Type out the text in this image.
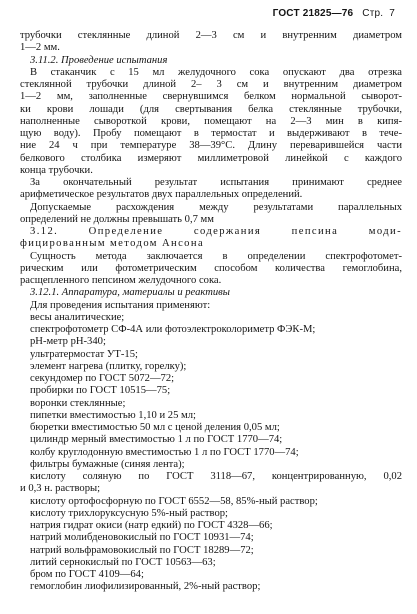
ГОСТ 21825—76 Стр. 7
трубочки стеклянные длиной 2—3 см и внутренним диаметром
1—2 мм.
3.11.2. Проведение испытания
В стаканчик с 15 мл желудочного сока опускают два отрезка
стеклянной трубочки длиной 2– 3 см и внутренним диаметром
1—2 мм, заполненные свернувшимся белком нормальной сыворот-
ки крови лошади (для свертывания белка стеклянные трубочки,
наполненные сывороткой крови, помещают на 2—3 мин в кипя-
щую воду). Пробу помещают в термостат и выдерживают в тече-
ние 24 ч при температуре 38—39°С. Длину переварившейся части
белкового столбика измеряют миллиметровой линейкой с каждого
конца трубочки.
За окончательный результат испытания принимают среднее
арифметическое результатов двух параллельных определений.
Допускаемые расхождения между результатами параллельных
определений не должны превышать 0,7 мм
3.12. Определение содержания пепсина моди-
фицированным методом Ансона
Сущность метода заключается в определении спектрофотомет-
рическим или фотометрическим способом количества гемоглобина,
расщепленного пепсином желудочного сока.
3.12.1. Аппаратура, материалы и реактивы
Для проведения испытания применяют:
весы аналитические;
спектрофотометр СФ-4А или фотоэлектроколориметр ФЭК-М;
рН-метр рН-340;
ультратермостат УТ-15;
элемент нагрева (плитку, горелку);
секундомер по ГОСТ 5072—72;
пробирки по ГОСТ 10515—75;
воронки стеклянные;
пипетки вместимостью 1,10 и 25 мл;
бюретки вместимостью 50 мл с ценой деления 0,05 мл;
цилиндр мерный вместимостью 1 л по ГОСТ 1770—74;
колбу круглодонную вместимостью 1 л по ГОСТ 1770—74;
фильтры бумажные (синяя лента);
кислоту соляную по ГОСТ 3118—67, концентрированную, 0,02
и 0,3 н. растворы;
кислоту ортофосфорную по ГОСТ 6552—58, 85%-ный раствор;
кислоту трихлоруксусную 5%-ный раствор;
натрия гидрат окиси (натр едкий) по ГОСТ 4328—66;
натрий молибденовокислый по ГОСТ 10931—74;
натрий вольфрамовокислый по ГОСТ 18289—72;
литий сернокислый по ГОСТ 10563—63;
бром по ГОСТ 4109—64;
гемоглобин лиофилизированный, 2%-ный раствор;
